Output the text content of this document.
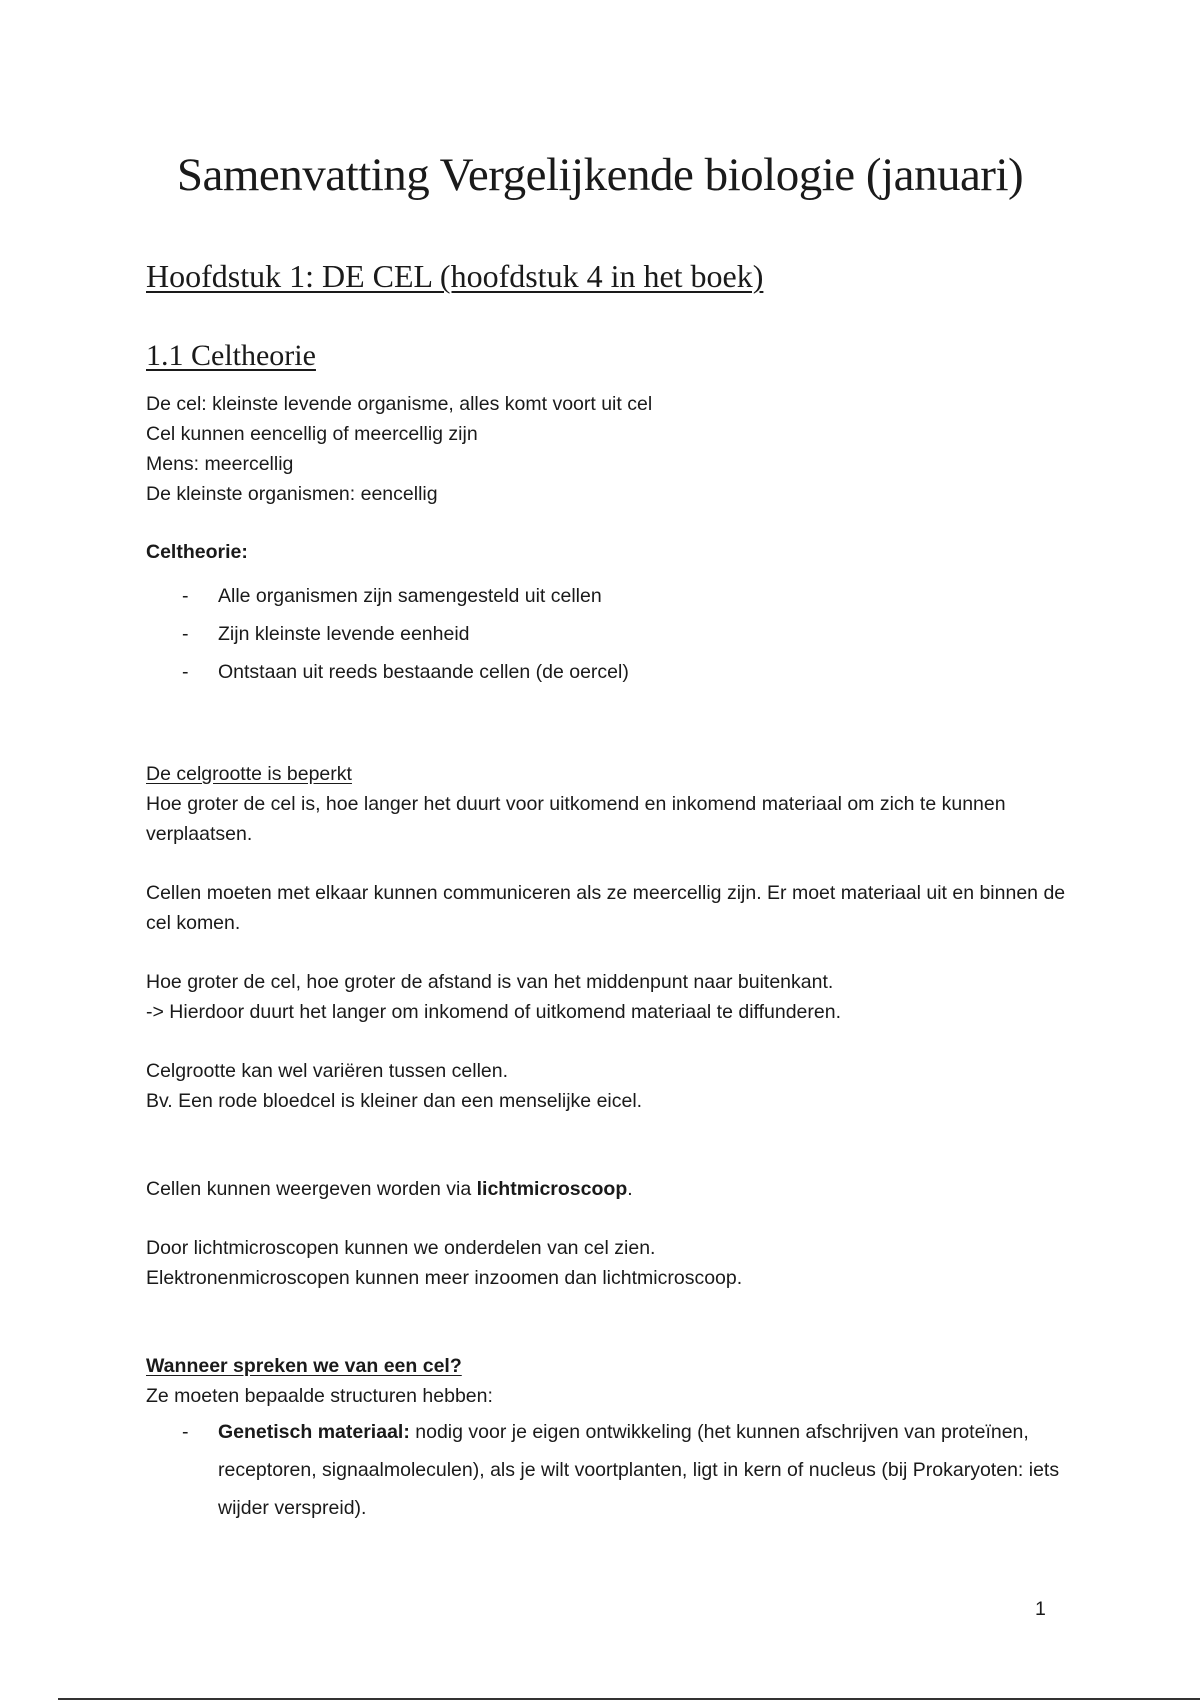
Samenvatting Vergelijkende biologie (januari)
Hoofdstuk 1: DE CEL (hoofdstuk 4 in het boek)
1.1 Celtheorie

De cel: kleinste levende organisme, alles komt voort uit cel

Cel kunnen eencellig of meercellig zijn

Mens: meercellig

De kleinste organismen: eencellig

Celtheorie:

- Alle organismen zijn samengesteld uit cellen
- Zijn kleinste levende eenheid
- Ontstaan uit reeds bestaande cellen (de oercel)

De celgrootte is beperkt

Hoe groter de cel is, hoe langer het duurt voor uitkomend en inkomend materiaal om zich te kunnen verplaatsen.

Cellen moeten met elkaar kunnen communiceren als ze meercellig zijn. Er moet materiaal uit en binnen de cel komen.

Hoe groter de cel, hoe groter de afstand is van het middenpunt naar buitenkant.

-> Hierdoor duurt het langer om inkomend of uitkomend materiaal te diffunderen.

Celgrootte kan wel variëren tussen cellen.

Bv. Een rode bloedcel is kleiner dan een menselijke eicel.

Cellen kunnen weergeven worden via lichtmicroscoop.

Door lichtmicroscopen kunnen we onderdelen van cel zien.

Elektronenmicroscopen kunnen meer inzoomen dan lichtmicroscoop.

Wanneer spreken we van een cel?

Ze moeten bepaalde structuren hebben:

- Genetisch materiaal: nodig voor je eigen ontwikkeling (het kunnen afschrijven van proteïnen, receptoren, signaalmoleculen), als je wilt voortplanten, ligt in kern of nucleus (bij Prokaryoten: iets wijder verspreid).
1
